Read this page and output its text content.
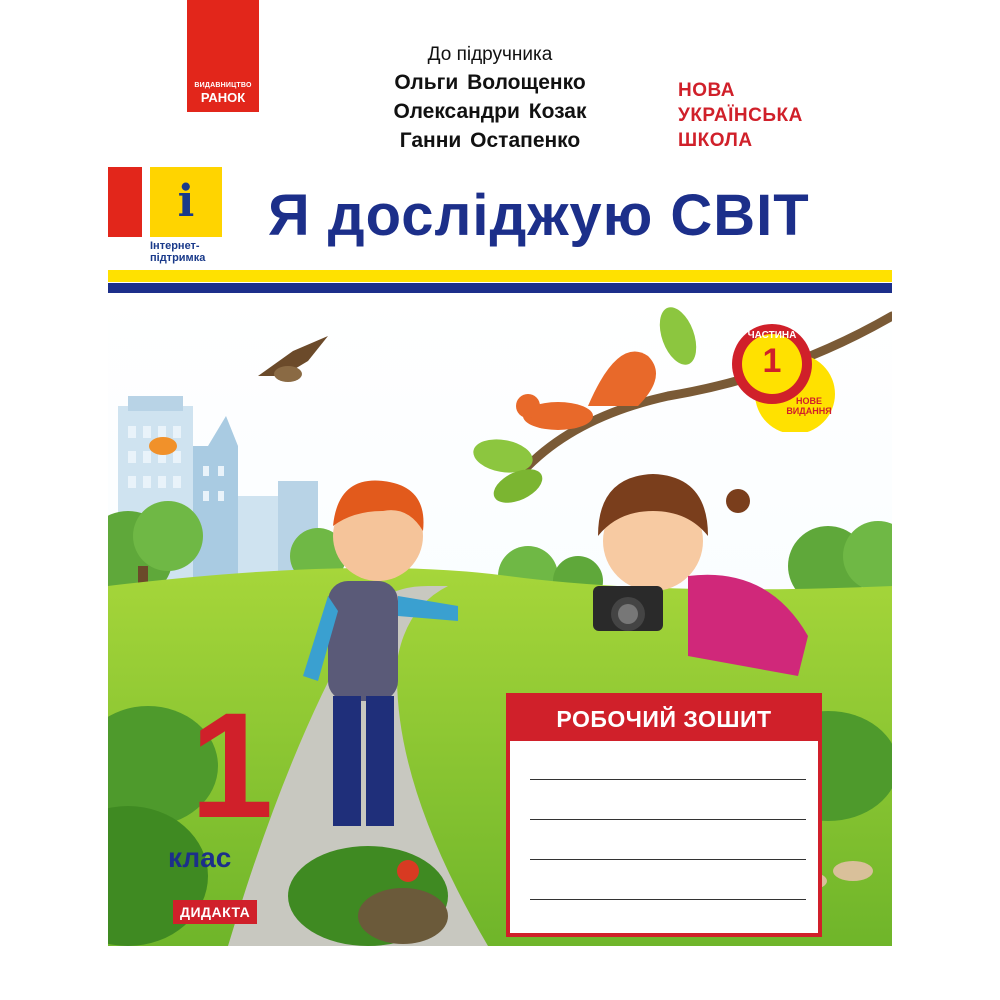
ВИДАВНИЦТВО
РАНОК
До підручника
Ольги Волощенко
Олександри Козак
Ганни Остапенко
НОВА
УКРАЇНСЬКА
ШКОЛА
i
Інтернет-
підтримка
Я досліджую СВІТ
ЧАСТИНА
1
НОВЕ
ВИДАННЯ
1
клас
ДИДАКТА
РОБОЧИЙ ЗОШИТ
